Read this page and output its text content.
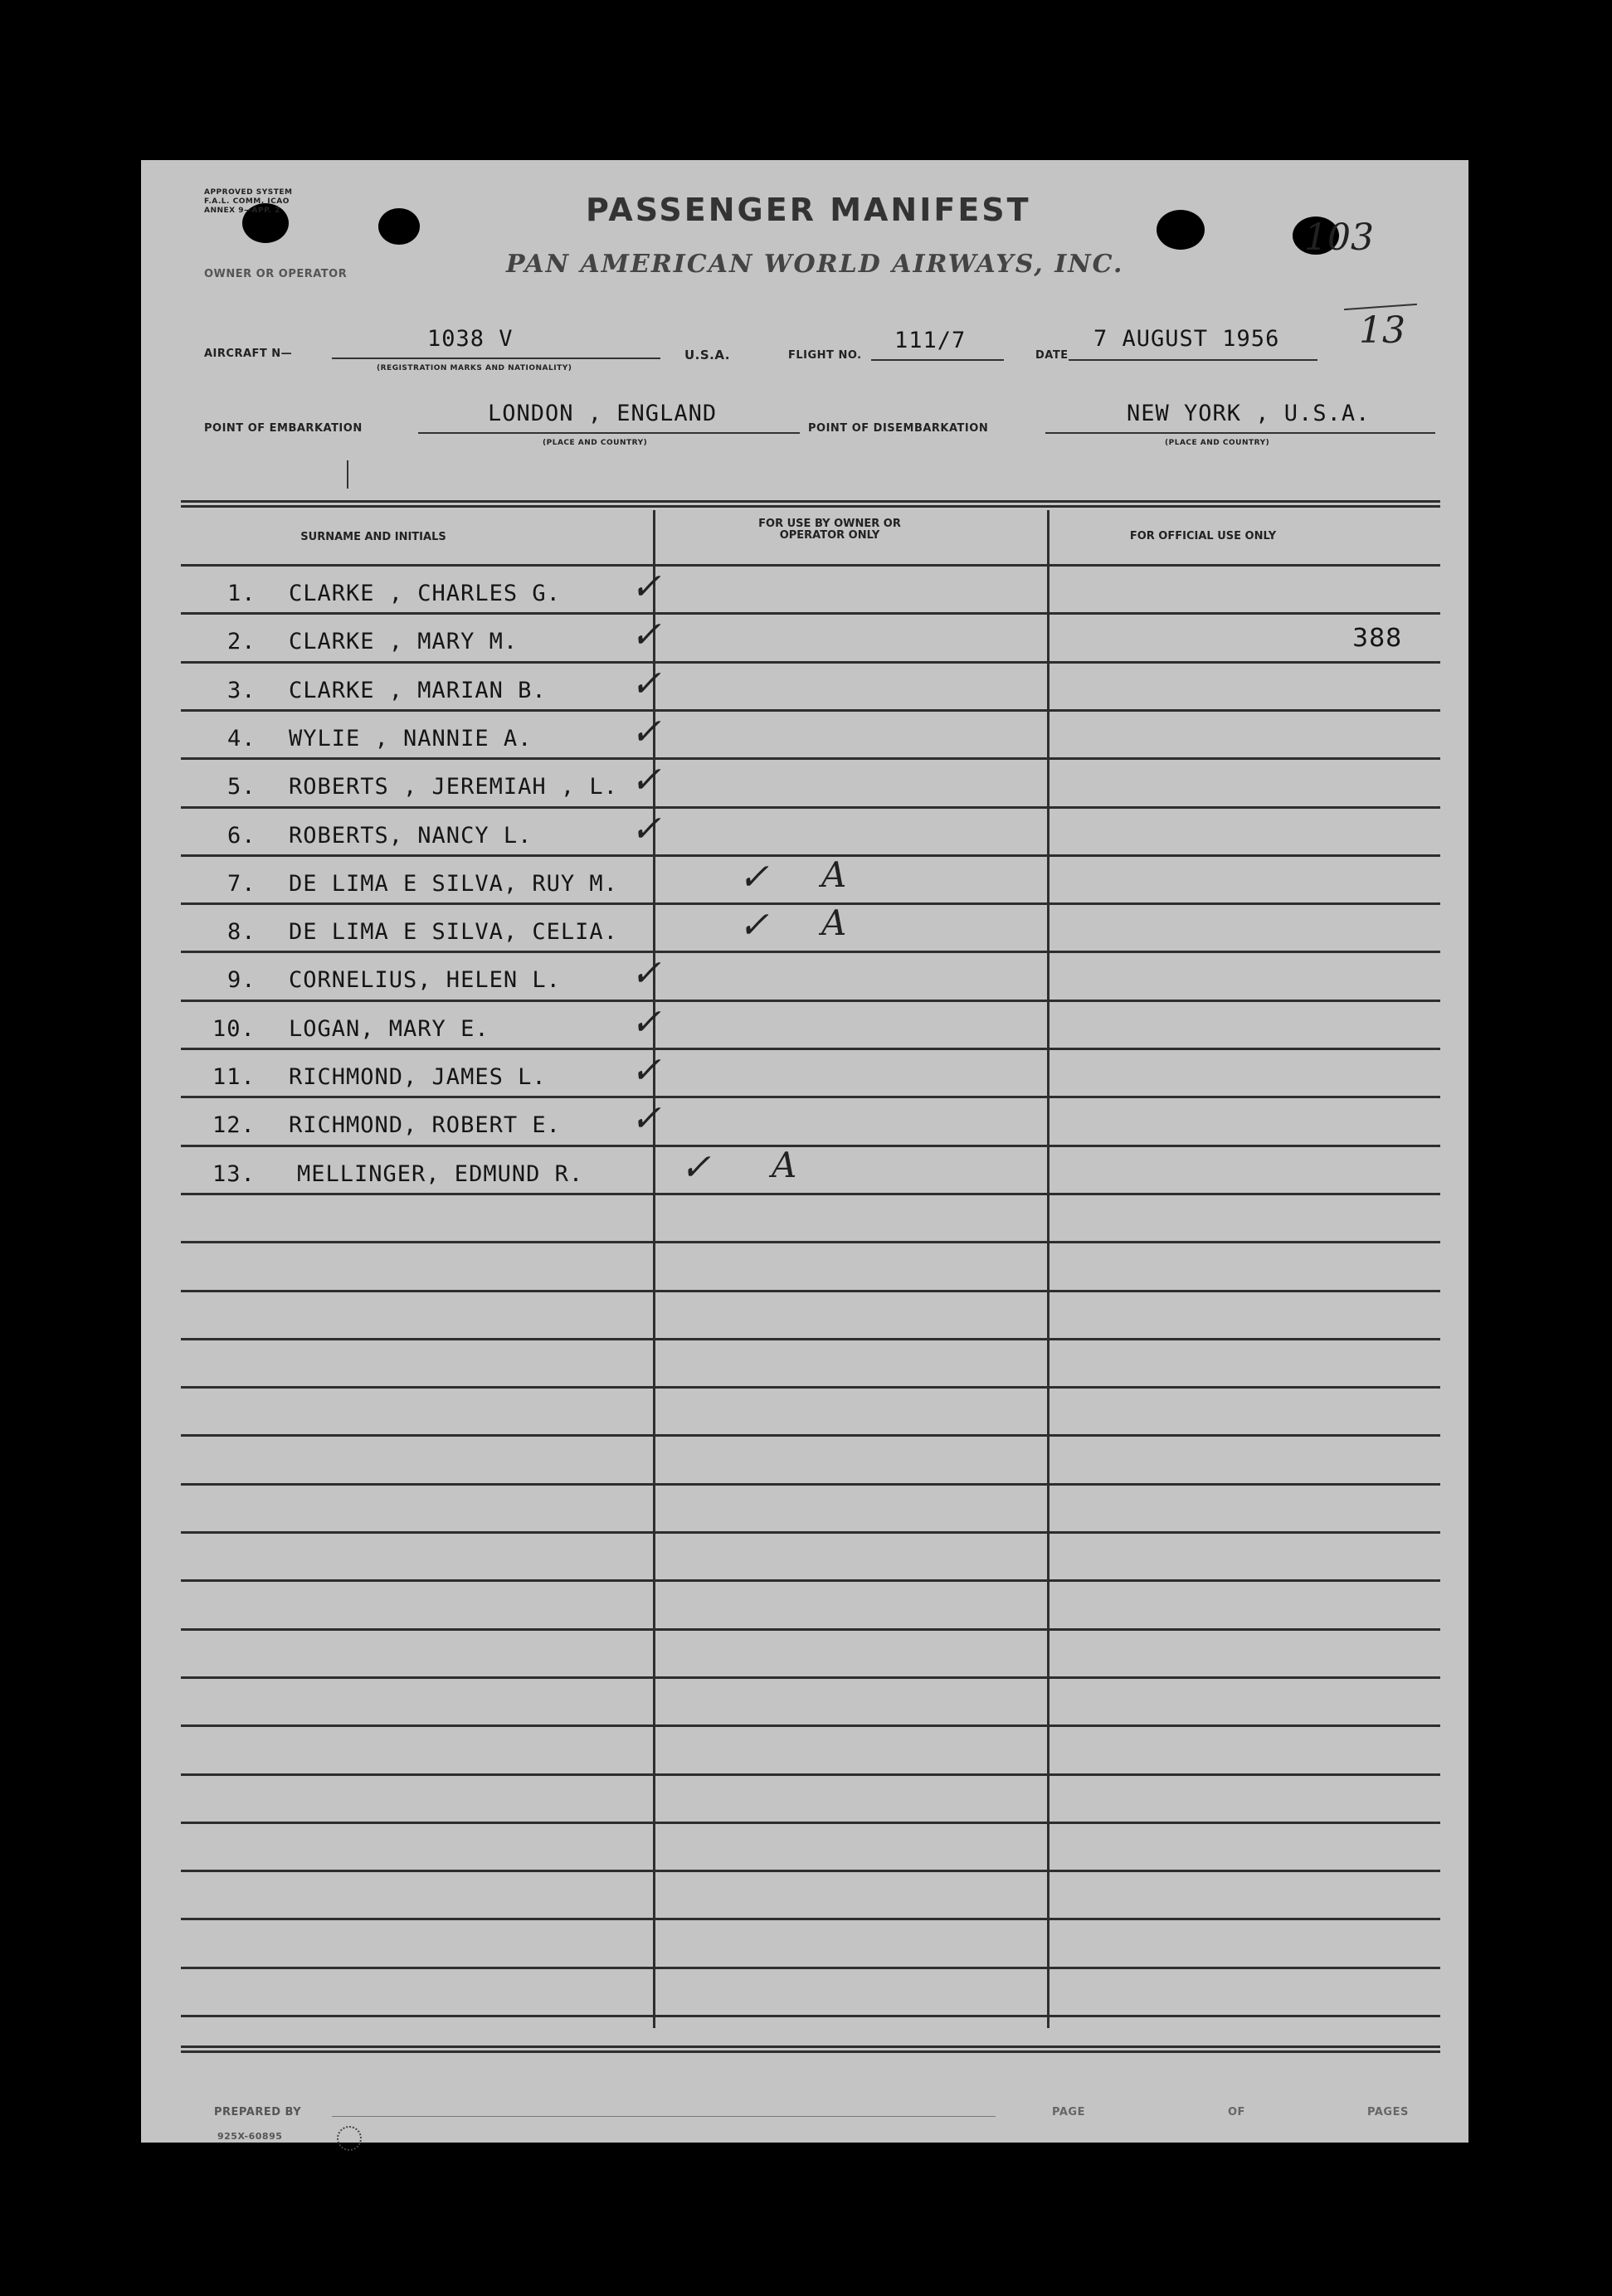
APPROVED SYSTEM F.A.L. COMM. ICAO ANNEX 9—APP. 2	PASSENGER MANIFEST
OWNER OR OPERATOR	PAN AMERICAN WORLD AIRWAYS, INC.
103
13
AIRCRAFT N—
1038 V
(REGISTRATION MARKS AND NATIONALITY)
U.S.A.	FLIGHT NO.
111/7
DATE
7 AUGUST 1956
POINT OF EMBARKATION
LONDON , ENGLAND
(PLACE AND COUNTRY)
POINT OF DISEMBARKATION
NEW YORK , U.S.A.
(PLACE AND COUNTRY)
SURNAME AND INITIALS
FOR USE BY OWNER OR OPERATOR ONLY	FOR OFFICIAL USE ONLY
1. CLARKE , CHARLES G. ✓
2. CLARKE , MARY M.	✓	388
3. CLARKE , MARIAN B. ✓
4. WYLIE , NANNIE A.	✓
5. ROBERTS , JEREMIAH , L. ✓
6. ROBERTS, NANCY L.	✓
7. DE LIMA E SILVA, RUY M.	✓ A
8. DE LIMA E SILVA, CELIA.	✓ A
9. CORNELIUS, HELEN L. ✓
10. LOGAN, MARY E.	✓
11. RICHMOND, JAMES L. ✓
12. RICHMOND, ROBERT E. ✓
13. MELLINGER, EDMUND R.	✓ A
PREPARED BY
925X-60895
PAGE	OF	PAGES
